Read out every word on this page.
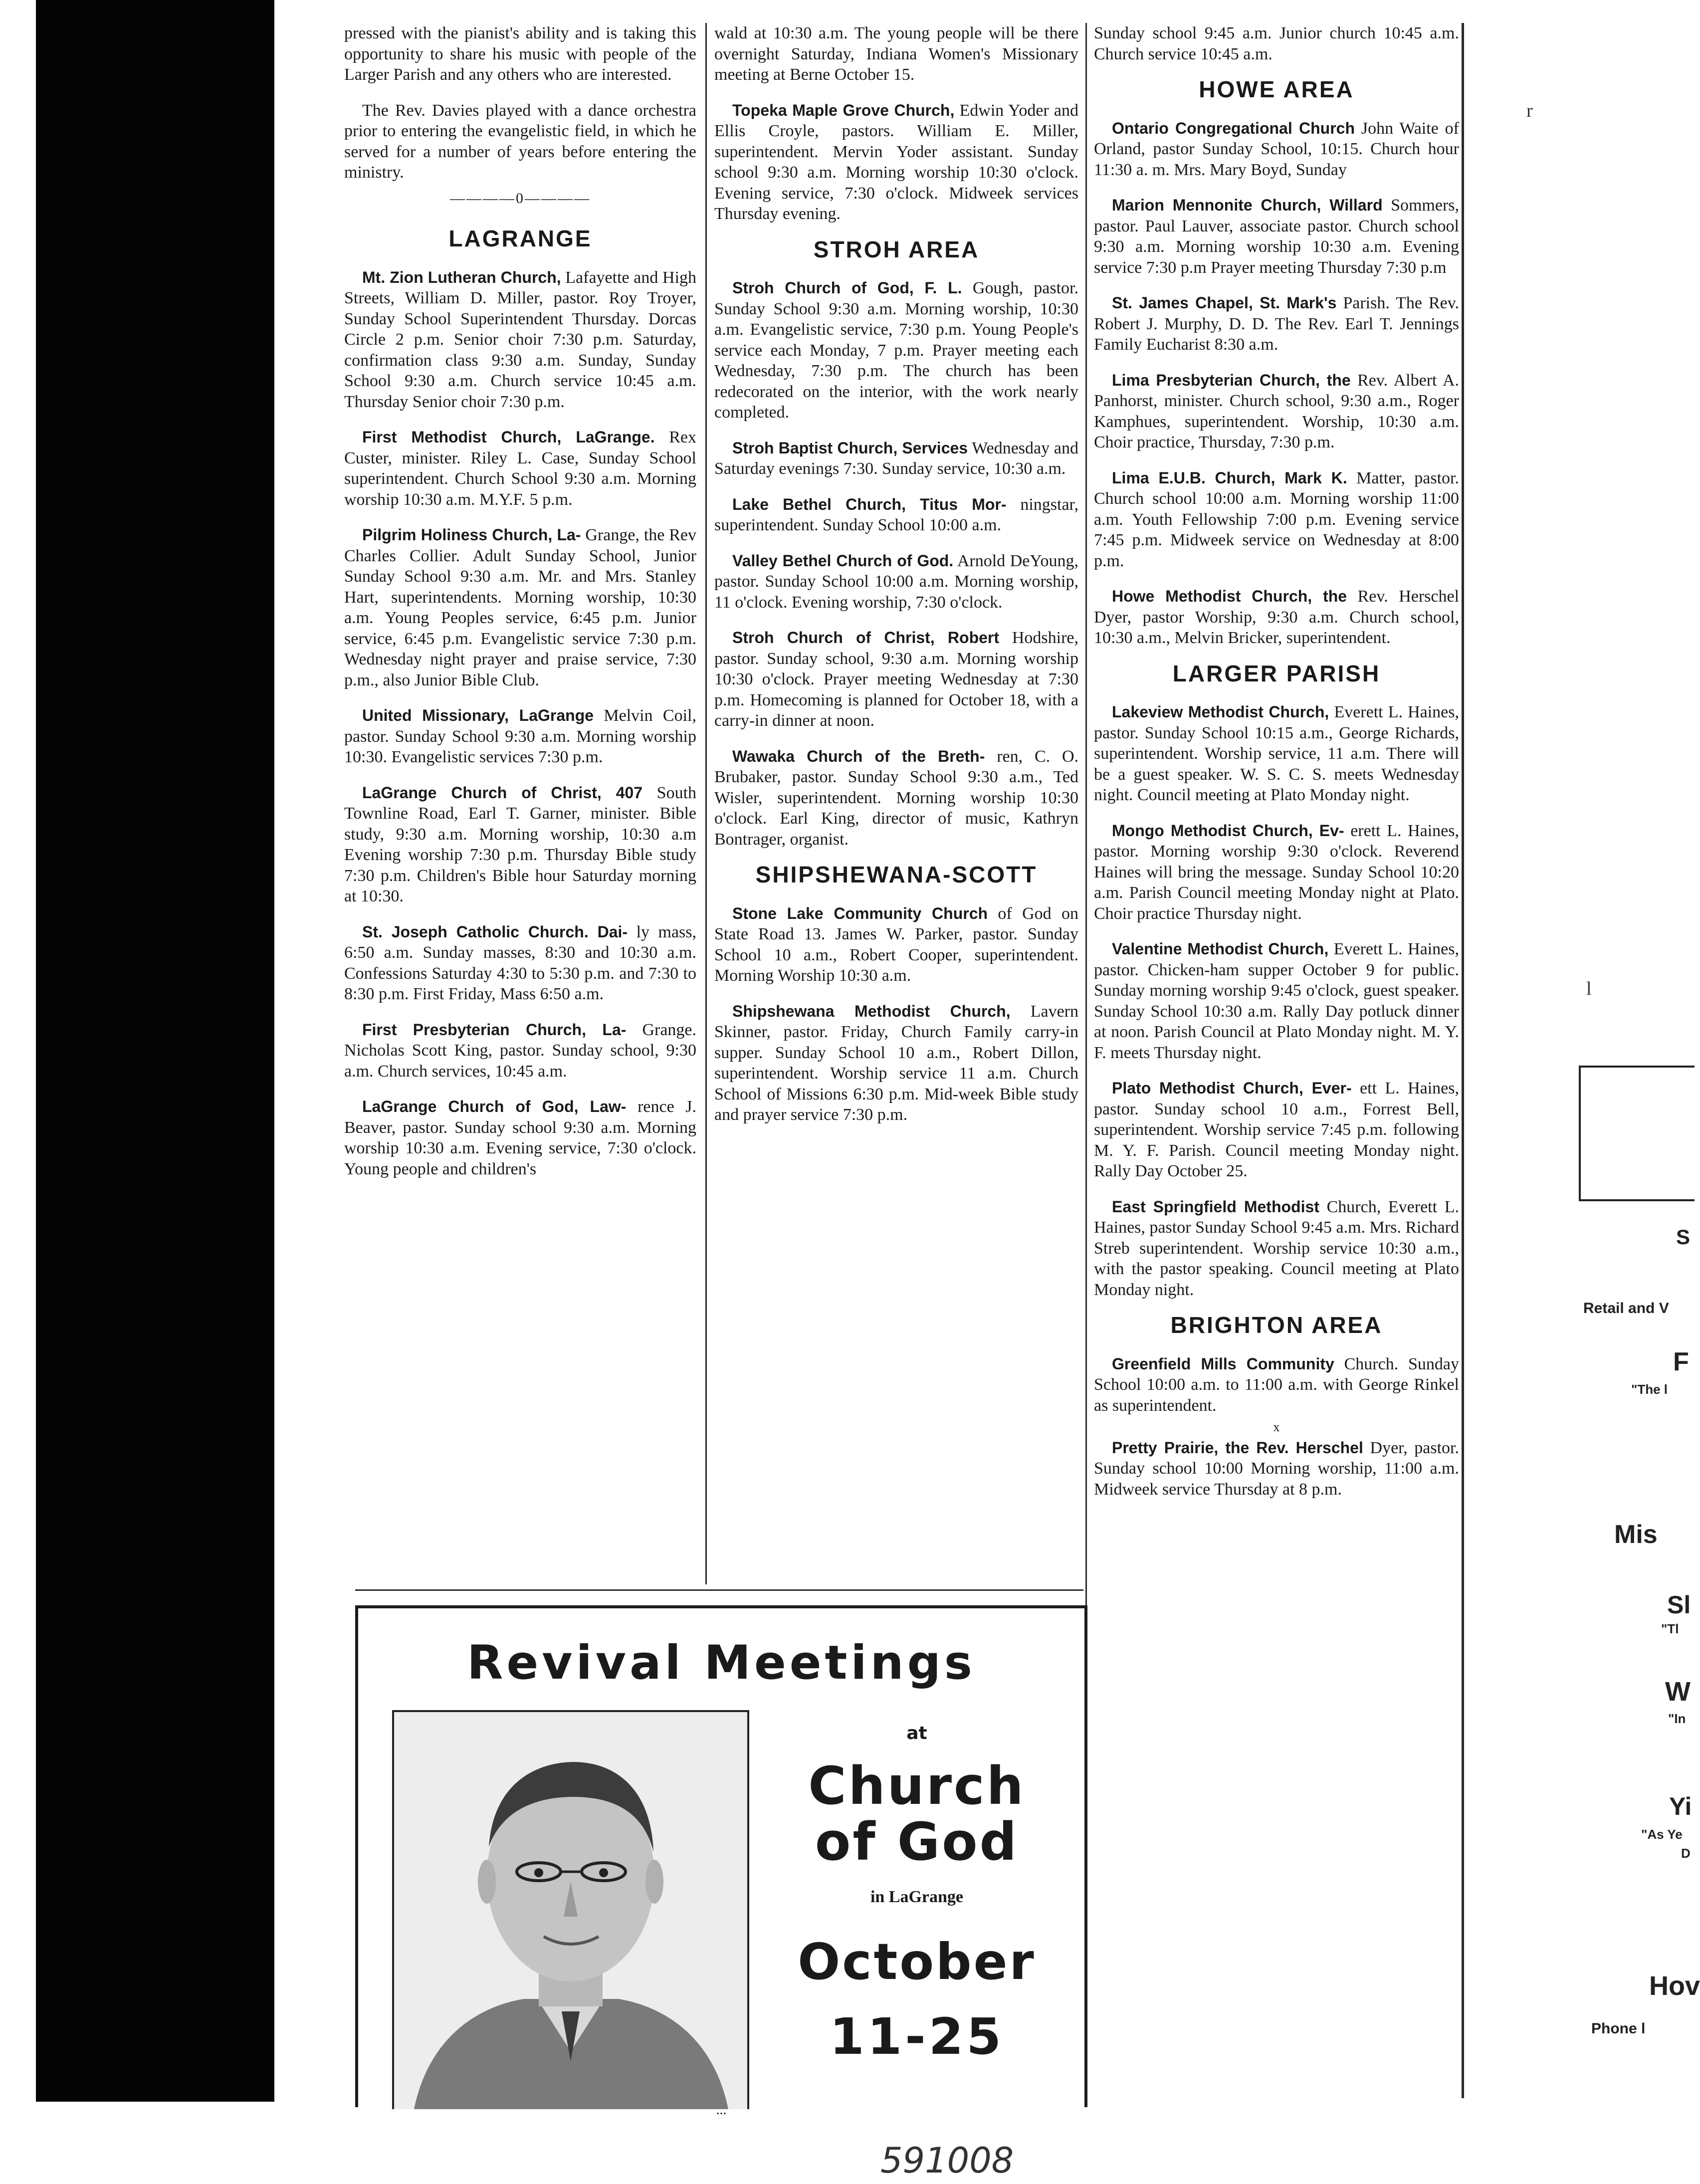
pressed with the pianist's ability and is taking this opportunity to share his music with people of the Larger Parish and any others who are interested.

The Rev. Davies played with a dance orchestra prior to entering the evangelistic field, in which he served for a number of years before entering the ministry.

————0————
LAGRANGE

Mt. Zion Lutheran Church, Lafayette and High Streets, William D. Miller, pastor. Roy Troyer, Sunday School Superintendent Thursday. Dorcas Circle 2 p.m. Senior choir 7:30 p.m. Saturday, confirmation class 9:30 a.m. Sunday, Sunday School 9:30 a.m. Church service 10:45 a.m. Thursday Senior choir 7:30 p.m.

First Methodist Church, LaGrange. Rex Custer, minister. Riley L. Case, Sunday School superintendent. Church School 9:30 a.m. Morning worship 10:30 a.m. M.Y.F. 5 p.m.

Pilgrim Holiness Church, La- Grange, the Rev Charles Collier. Adult Sunday School, Junior Sunday School 9:30 a.m. Mr. and Mrs. Stanley Hart, superintendents. Morning worship, 10:30 a.m. Young Peoples service, 6:45 p.m. Junior service, 6:45 p.m. Evangelistic service 7:30 p.m. Wednesday night prayer and praise service, 7:30 p.m., also Junior Bible Club.

United Missionary, LaGrange Melvin Coil, pastor. Sunday School 9:30 a.m. Morning worship 10:30. Evangelistic services 7:30 p.m.

LaGrange Church of Christ, 407 South Townline Road, Earl T. Garner, minister. Bible study, 9:30 a.m. Morning worship, 10:30 a.m Evening worship 7:30 p.m. Thursday Bible study 7:30 p.m. Children's Bible hour Saturday morning at 10:30.

St. Joseph Catholic Church. Dai- ly mass, 6:50 a.m. Sunday masses, 8:30 and 10:30 a.m. Confessions Saturday 4:30 to 5:30 p.m. and 7:30 to 8:30 p.m. First Friday, Mass 6:50 a.m.

First Presbyterian Church, La- Grange. Nicholas Scott King, pastor. Sunday school, 9:30 a.m. Church services, 10:45 a.m.

LaGrange Church of God, Law- rence J. Beaver, pastor. Sunday school 9:30 a.m. Morning worship 10:30 a.m. Evening service, 7:30 o'clock. Young people and children's

wald at 10:30 a.m. The young people will be there overnight Saturday, Indiana Women's Missionary meeting at Berne October 15.

Topeka Maple Grove Church, Edwin Yoder and Ellis Croyle, pastors. William E. Miller, superintendent. Mervin Yoder assistant. Sunday school 9:30 a.m. Morning worship 10:30 o'clock. Evening service, 7:30 o'clock. Midweek services Thursday evening.

STROH AREA

Stroh Church of God, F. L. Gough, pastor. Sunday School 9:30 a.m. Morning worship, 10:30 a.m. Evangelistic service, 7:30 p.m. Young People's service each Monday, 7 p.m. Prayer meeting each Wednesday, 7:30 p.m. The church has been redecorated on the interior, with the work nearly completed.

Stroh Baptist Church, Services Wednesday and Saturday evenings 7:30. Sunday service, 10:30 a.m.

Lake Bethel Church, Titus Mor- ningstar, superintendent. Sunday School 10:00 a.m.

Valley Bethel Church of God. Arnold DeYoung, pastor. Sunday School 10:00 a.m. Morning worship, 11 o'clock. Evening worship, 7:30 o'clock.

Stroh Church of Christ, Robert Hodshire, pastor. Sunday school, 9:30 a.m. Morning worship 10:30 o'clock. Prayer meeting Wednesday at 7:30 p.m. Homecoming is planned for October 18, with a carry-in dinner at noon.

Wawaka Church of the Breth- ren, C. O. Brubaker, pastor. Sunday School 9:30 a.m., Ted Wisler, superintendent. Morning worship 10:30 o'clock. Earl King, director of music, Kathryn Bontrager, organist.

SHIPSHEWANA-SCOTT

Stone Lake Community Church of God on State Road 13. James W. Parker, pastor. Sunday School 10 a.m., Robert Cooper, superintendent. Morning Worship 10:30 a.m.

Shipshewana Methodist Church, Lavern Skinner, pastor. Friday, Church Family carry-in supper. Sunday School 10 a.m., Robert Dillon, superintendent. Worship service 11 a.m. Church School of Missions 6:30 p.m. Mid-week Bible study and prayer service 7:30 p.m.

Sunday school 9:45 a.m. Junior church 10:45 a.m. Church service 10:45 a.m.

HOWE AREA

Ontario Congregational Church John Waite of Orland, pastor Sunday School, 10:15. Church hour 11:30 a. m. Mrs. Mary Boyd, Sunday

Marion Mennonite Church, Willard Sommers, pastor. Paul Lauver, associate pastor. Church school 9:30 a.m. Morning worship 10:30 a.m. Evening service 7:30 p.m Prayer meeting Thursday 7:30 p.m

St. James Chapel, St. Mark's Parish. The Rev. Robert J. Murphy, D. D. The Rev. Earl T. Jennings Family Eucharist 8:30 a.m.

Lima Presbyterian Church, the Rev. Albert A. Panhorst, minister. Church school, 9:30 a.m., Roger Kamphues, superintendent. Worship, 10:30 a.m. Choir practice, Thursday, 7:30 p.m.

Lima E.U.B. Church, Mark K. Matter, pastor. Church school 10:00 a.m. Morning worship 11:00 a.m. Youth Fellowship 7:00 p.m. Evening service 7:45 p.m. Midweek service on Wednesday at 8:00 p.m.

Howe Methodist Church, the Rev. Herschel Dyer, pastor Worship, 9:30 a.m. Church school, 10:30 a.m., Melvin Bricker, superintendent.

LARGER PARISH

Lakeview Methodist Church, Everett L. Haines, pastor. Sunday School 10:15 a.m., George Richards, superintendent. Worship service, 11 a.m. There will be a guest speaker. W. S. C. S. meets Wednesday night. Council meeting at Plato Monday night.

Mongo Methodist Church, Ev- erett L. Haines, pastor. Morning worship 9:30 o'clock. Reverend Haines will bring the message. Sunday School 10:20 a.m. Parish Council meeting Monday night at Plato. Choir practice Thursday night.

Valentine Methodist Church, Everett L. Haines, pastor. Chicken-ham supper October 9 for public. Sunday morning worship 9:45 o'clock, guest speaker. Sunday School 10:30 a.m. Rally Day potluck dinner at noon. Parish Council at Plato Monday night. M. Y. F. meets Thursday night.

Plato Methodist Church, Ever- ett L. Haines, pastor. Sunday school 10 a.m., Forrest Bell, superintendent. Worship service 7:45 p.m. following M. Y. F. Parish. Council meeting Monday night. Rally Day October 25.

East Springfield Methodist Church, Everett L. Haines, pastor Sunday School 9:45 a.m. Mrs. Richard Streb superintendent. Worship service 10:30 a.m., with the pastor speaking. Council meeting at Plato Monday night.

BRIGHTON AREA

Greenfield Mills Community Church. Sunday School 10:00 a.m. to 11:00 a.m. with George Rinkel as superintendent.

x

Pretty Prairie, the Rev. Herschel Dyer, pastor. Sunday school 10:00 Morning worship, 11:00 a.m. Midweek service Thursday at 8 p.m.

Revival Meetings
at
Church
of God
in LaGrange
October
11-25
...
S
Retail and V
F
"The l
Mis
Sl
"Tl
W
"In
Yi
"As Ye
D
Hov
Phone l
r
l
591008
